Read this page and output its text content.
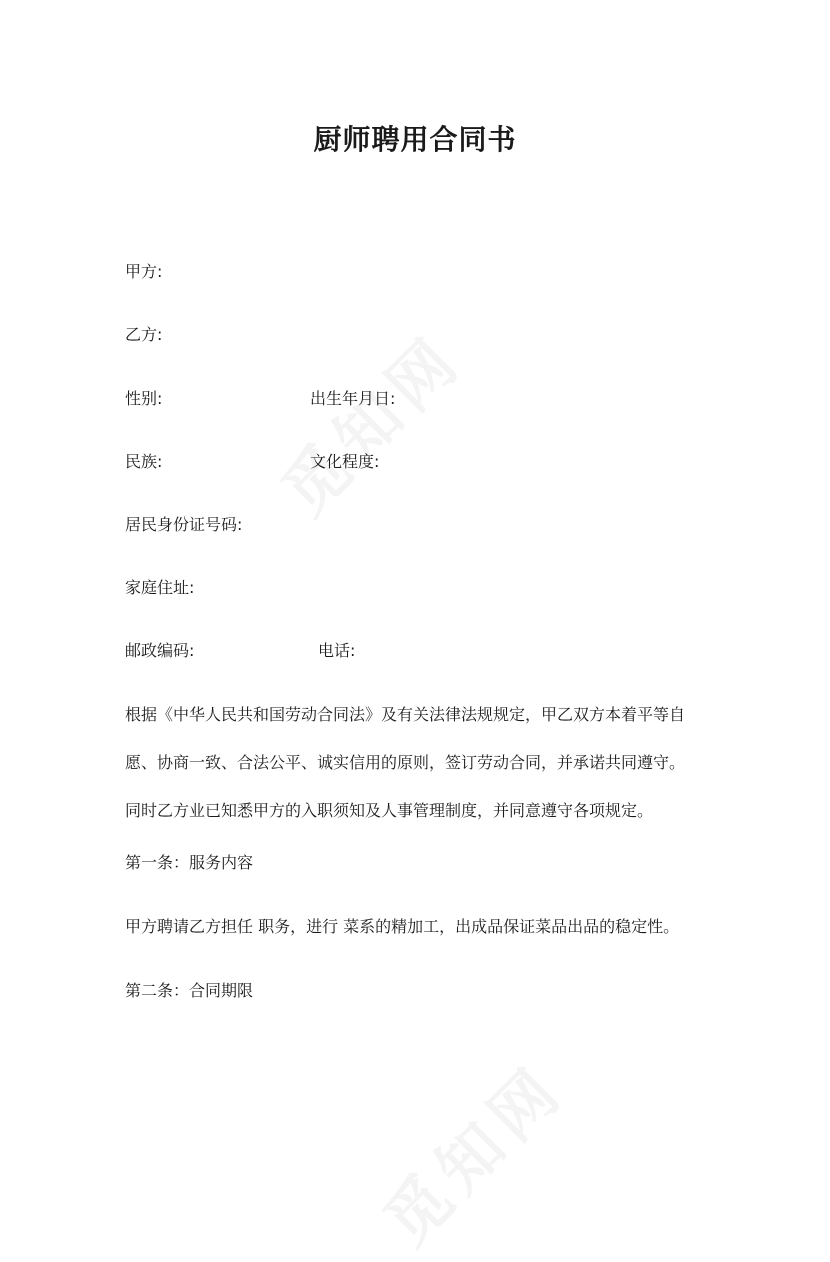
厨师聘用合同书
甲方:
乙方:
性别:	出生年月日:
民族:	文化程度:
居民身份证号码:
家庭住址:
邮政编码:	电话:
根据《中华人民共和国劳动合同法》及有关法律法规规定，甲乙双方本着平等自
愿、协商一致、合法公平、诚实信用的原则，签订劳动合同，并承诺共同遵守。
同时乙方业已知悉甲方的入职须知及人事管理制度，并同意遵守各项规定。
第一条：服务内容
甲方聘请乙方担任 职务，进行 菜系的精加工，出成品保证菜品出品的稳定性。
第二条：合同期限
